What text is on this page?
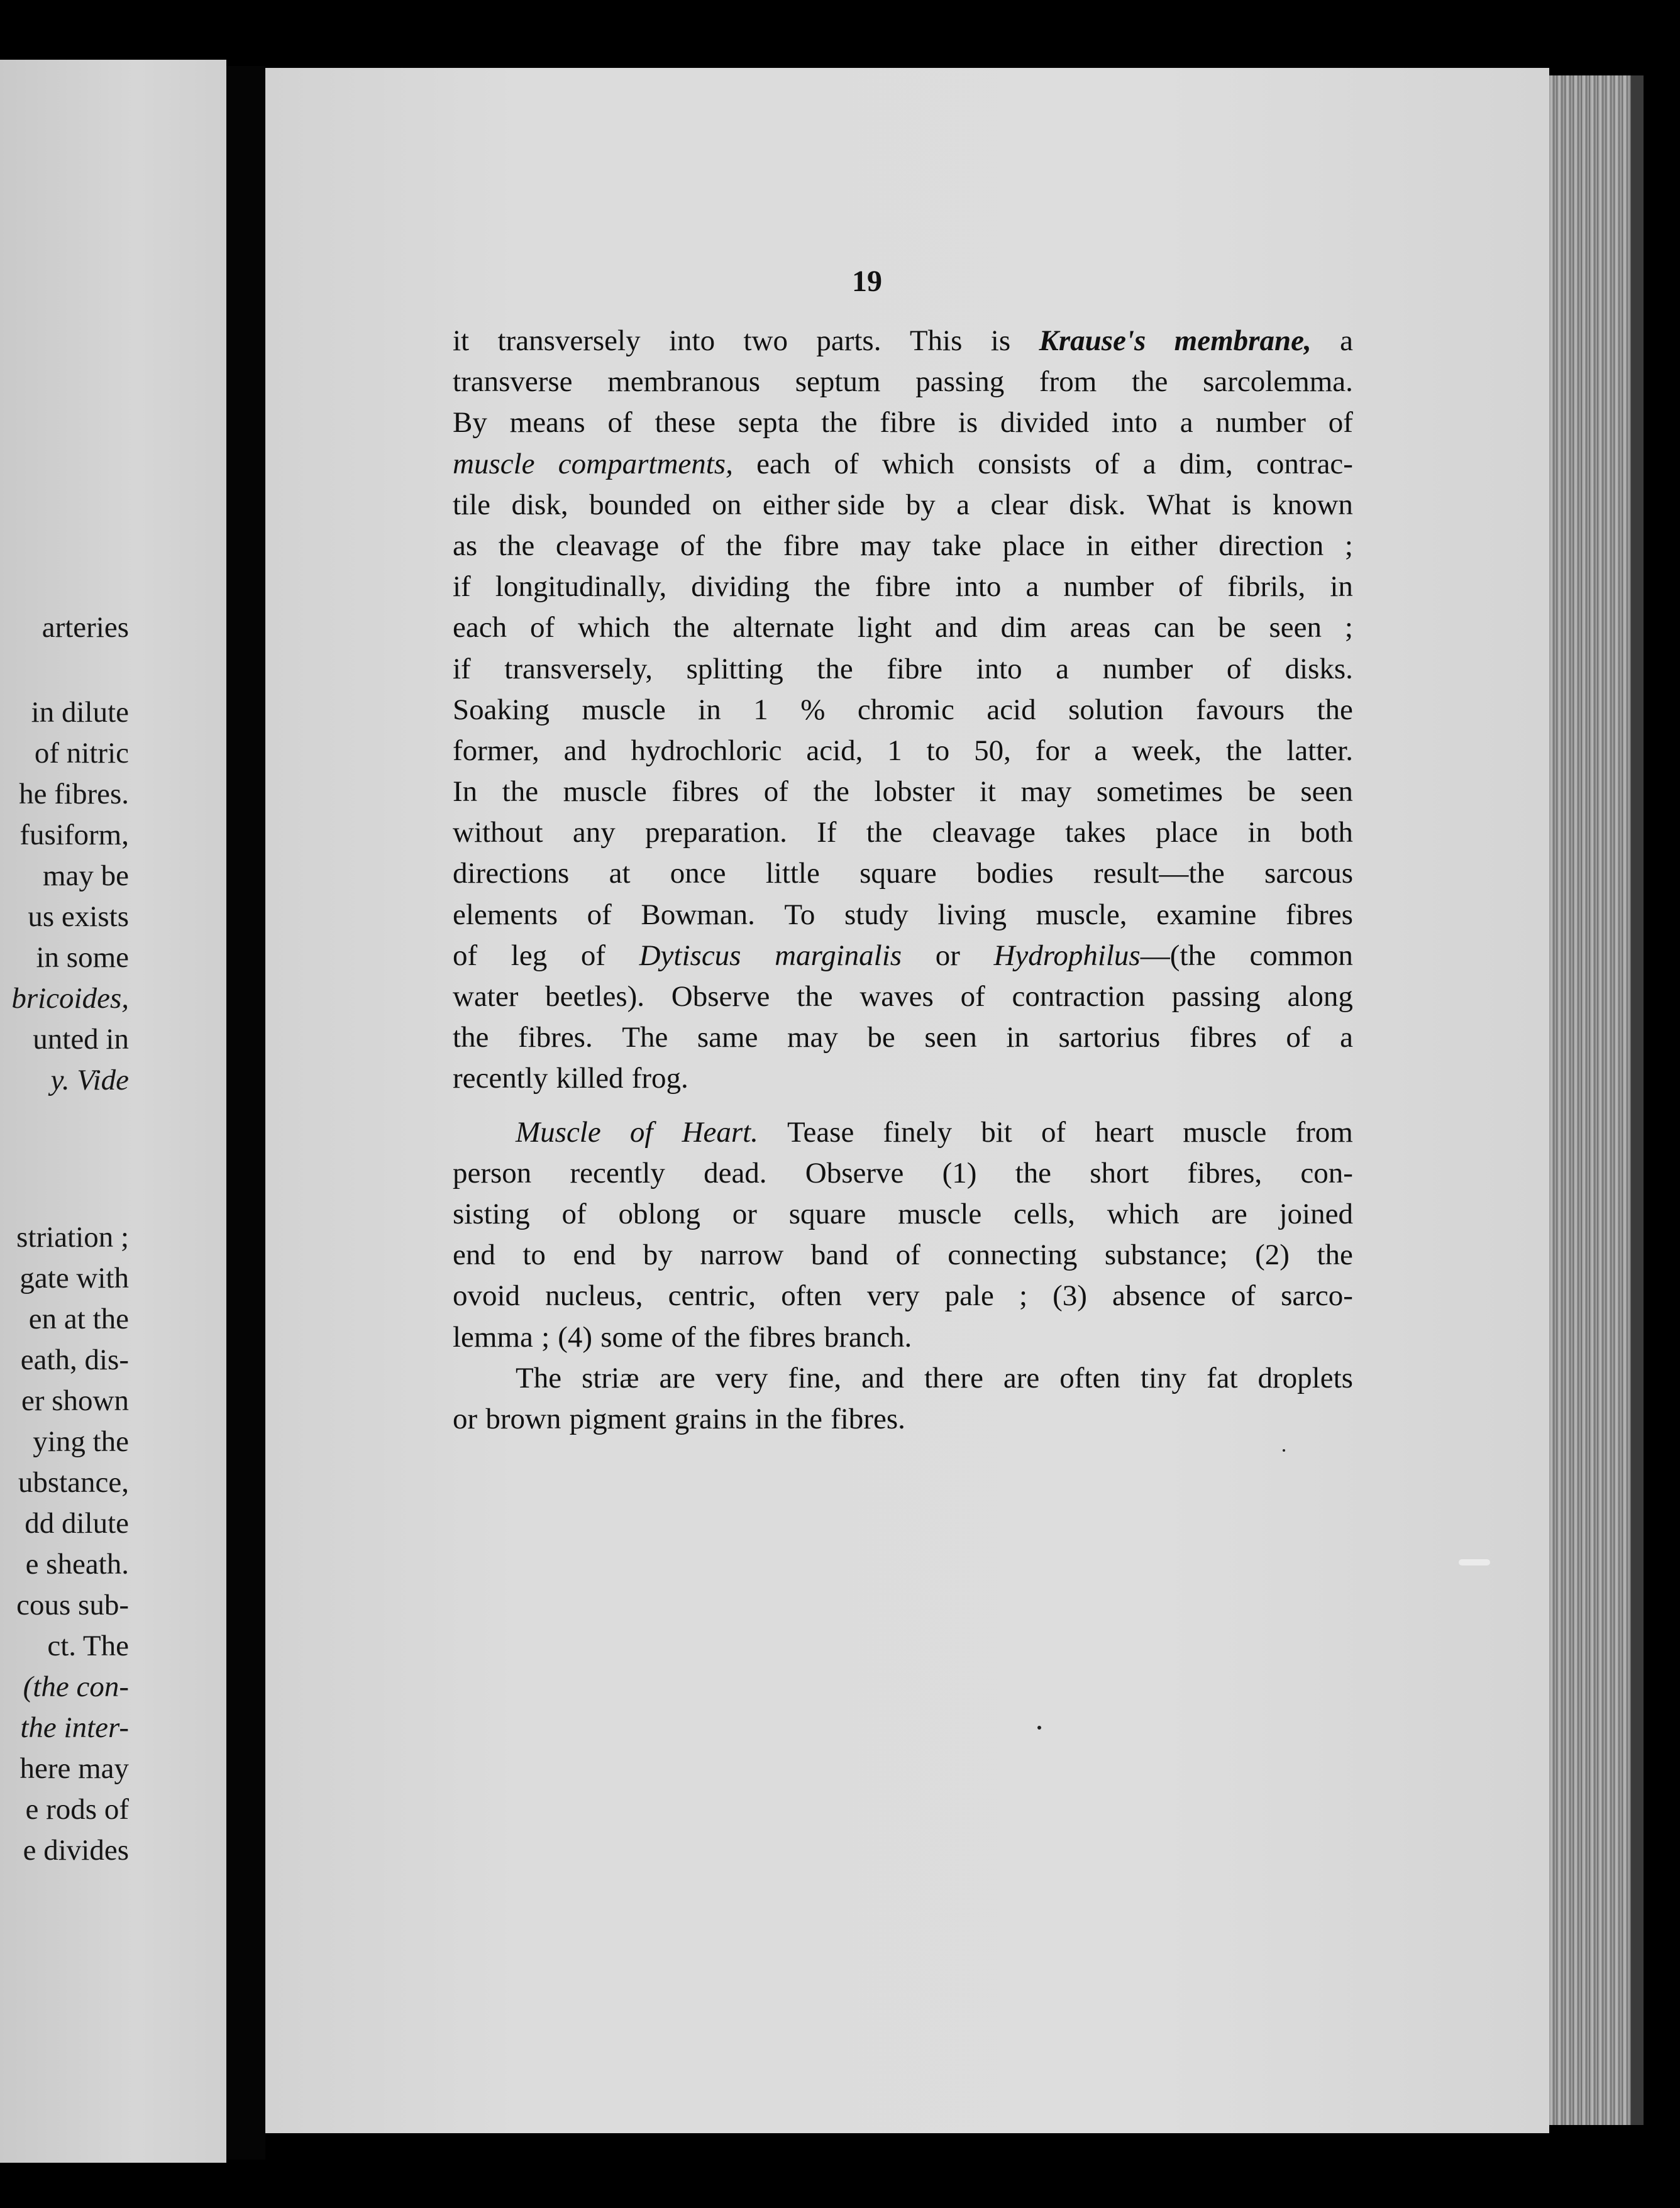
arteries
in dilute
of nitric
he fibres.
fusiform,
may be
us exists
in some
bricoides,
unted in
y. Vide
striation ;
gate with
en at the
eath, dis-
er shown
ying the
ubstance,
dd dilute
e sheath.
cous sub-
ct. The
(the con-
the inter-
here may
e rods of
e divides
19
it transversely into two parts. This is Krause's membrane, a
transverse membranous septum passing from the sarcolemma.
By means of these septa the fibre is divided into a number of
muscle compartments, each of which consists of a dim, contrac-
tile disk, bounded on either side by a clear disk. What is known
as the cleavage of the fibre may take place in either direction ;
if longitudinally, dividing the fibre into a number of fibrils, in
each of which the alternate light and dim areas can be seen ;
if transversely, splitting the fibre into a number of disks.
Soaking muscle in 1 % chromic acid solution favours the
former, and hydrochloric acid, 1 to 50, for a week, the latter.
In the muscle fibres of the lobster it may sometimes be seen
without any preparation. If the cleavage takes place in both
directions at once little square bodies result—the sarcous
elements of Bowman. To study living muscle, examine fibres
of leg of Dytiscus marginalis or Hydrophilus—(the common
water beetles). Observe the waves of contraction passing along
the fibres. The same may be seen in sartorius fibres of a
recently killed frog.
Muscle of Heart. Tease finely bit of heart muscle from
person recently dead. Observe (1) the short fibres, con-
sisting of oblong or square muscle cells, which are joined
end to end by narrow band of connecting substance; (2) the
ovoid nucleus, centric, often very pale ; (3) absence of sarco-
lemma ; (4) some of the fibres branch.
The striæ are very fine, and there are often tiny fat droplets
or brown pigment grains in the fibres.
